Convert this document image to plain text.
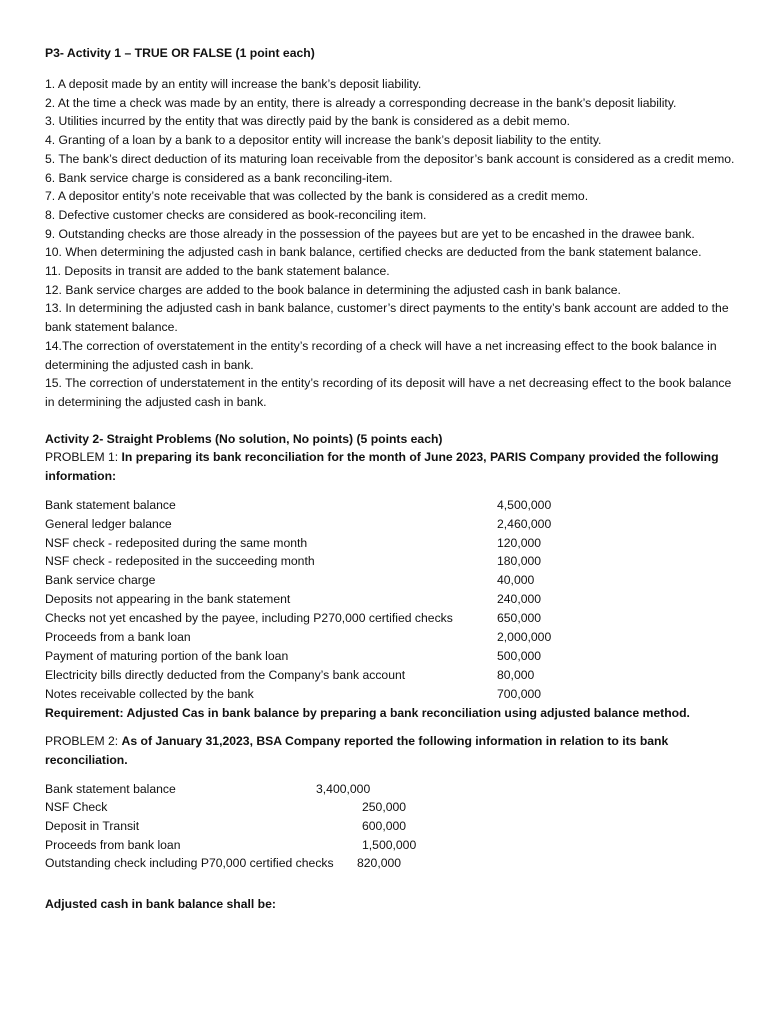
P3- Activity 1 – TRUE OR FALSE (1 point each)

1. A deposit made by an entity will increase the bank’s deposit liability.

2. At the time a check was made by an entity, there is already a corresponding decrease in the bank’s deposit liability.

3. Utilities incurred by the entity that was directly paid by the bank is considered as a debit memo.

4. Granting of a loan by a bank to a depositor entity will increase the bank’s deposit liability to the entity.

5. The bank’s direct deduction of its maturing loan receivable from the depositor’s bank account is considered as a credit memo.

6. Bank service charge is considered as a bank reconciling-item.

7. A depositor entity’s note receivable that was collected by the bank is considered as a credit memo.

8. Defective customer checks are considered as book-reconciling item.

9. Outstanding checks are those already in the possession of the payees but are yet to be encashed in the drawee bank.

10. When determining the adjusted cash in bank balance, certified checks are deducted from the bank statement balance.

11. Deposits in transit are added to the bank statement balance.

12. Bank service charges are added to the book balance in determining the adjusted cash in bank balance.

13. In determining the adjusted cash in bank balance, customer’s direct payments to the entity’s bank account are added to the bank statement balance.

14.The correction of overstatement in the entity’s recording of a check will have a net increasing effect to the book balance in determining the adjusted cash in bank.

15. The correction of understatement in the entity’s recording of its deposit will have a net decreasing effect to the book balance in determining the adjusted cash in bank.

Activity 2- Straight Problems (No solution, No points) (5 points each)
PROBLEM 1: In preparing its bank reconciliation for the month of June 2023, PARIS Company provided the following information:
Bank statement balance	4,500,000
General ledger balance	2,460,000
NSF check - redeposited during the same month	120,000
NSF check - redeposited in the succeeding month	180,000
Bank service charge	40,000
Deposits not appearing in the bank statement	240,000
Checks not yet encashed by the payee, including P270,000 certified checks	650,000
Proceeds from a bank loan	2,000,000
Payment of maturing portion of the bank loan	500,000
Electricity bills directly deducted from the Company’s bank account	80,000
Notes receivable collected by the bank	700,000
Requirement: Adjusted Cas in bank balance by preparing a bank reconciliation using adjusted balance method.
PROBLEM 2: As of January 31,2023, BSA Company reported the following information in relation to its bank reconciliation.
Bank statement balance	3,400,000
NSF Check	250,000
Deposit in Transit	600,000
Proceeds from bank loan	1,500,000
Outstanding check including P70,000 certified checks 820,000
Adjusted cash in bank balance shall be:
